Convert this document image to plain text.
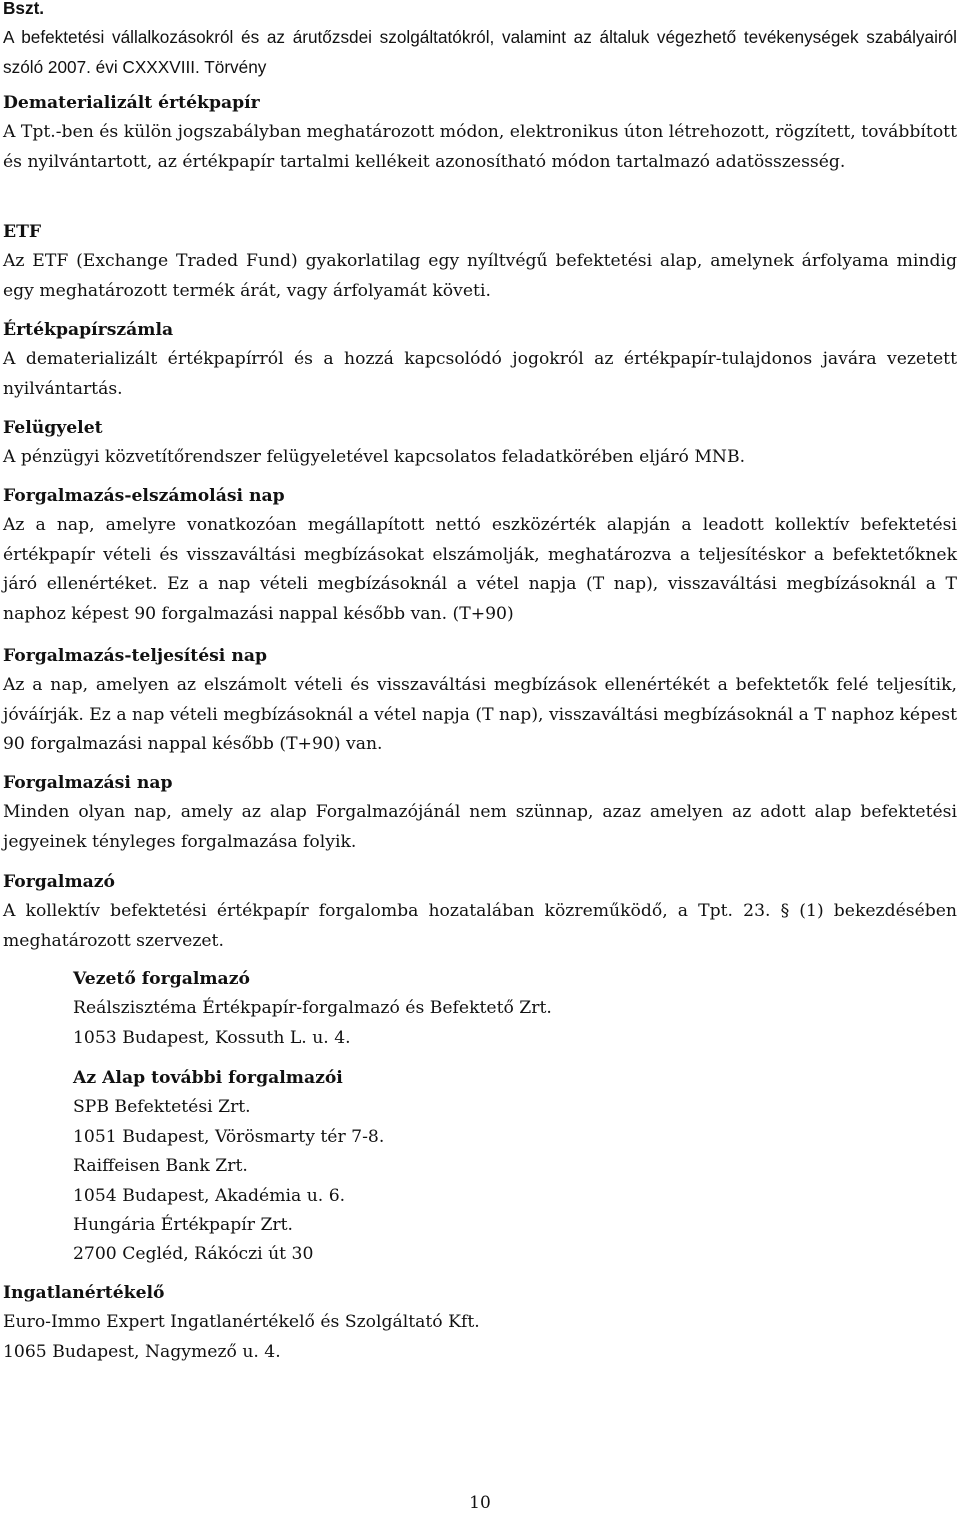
Bszt.

A befektetési vállalkozásokról és az árutőzsdei szolgáltatókról, valamint az általuk végezhető tevékenységek szabályairól szóló 2007. évi CXXXVIII. Törvény

Dematerializált értékpapír

A Tpt.-ben és külön jogszabályban meghatározott módon, elektronikus úton létrehozott, rögzített, továbbított és nyilvántartott, az értékpapír tartalmi kellékeit azonosítható módon tartalmazó adatösszesség.

ETF

Az ETF (Exchange Traded Fund) gyakorlatilag egy nyíltvégű befektetési alap, amelynek árfolyama mindig egy meghatározott termék árát, vagy árfolyamát követi.

Értékpapírszámla

A dematerializált értékpapírról és a hozzá kapcsolódó jogokról az értékpapír-tulajdonos javára vezetett nyilvántartás.

Felügyelet

A pénzügyi közvetítőrendszer felügyeletével kapcsolatos feladatkörében eljáró MNB.

Forgalmazás-elszámolási nap

Az a nap, amelyre vonatkozóan megállapított nettó eszközérték alapján a leadott kollektív befektetési értékpapír vételi és visszaváltási megbízásokat elszámolják, meghatározva a teljesítéskor a befektetőknek járó ellenértéket. Ez a nap vételi megbízásoknál a vétel napja (T nap), visszaváltási megbízásoknál a T naphoz képest 90 forgalmazási nappal később van. (T+90)

Forgalmazás-teljesítési nap

Az a nap, amelyen az elszámolt vételi és visszaváltási megbízások ellenértékét a befektetők felé teljesítik, jóváírják. Ez a nap vételi megbízásoknál a vétel napja (T nap), visszaváltási megbízásoknál a T naphoz képest 90 forgalmazási nappal később (T+90) van.

Forgalmazási nap

Minden olyan nap, amely az alap Forgalmazójánál nem szünnap, azaz amelyen az adott alap befektetési jegyeinek tényleges forgalmazása folyik.

Forgalmazó

A kollektív befektetési értékpapír forgalomba hozatalában közreműködő, a Tpt. 23. § (1) bekezdésében meghatározott szervezet.

Vezető forgalmazó
Reálszisztéma Értékpapír-forgalmazó és Befektető Zrt.
1053 Budapest, Kossuth L. u. 4.
Az Alap további forgalmazói
SPB Befektetési Zrt.
1051 Budapest, Vörösmarty tér 7-8.
Raiffeisen Bank Zrt.
1054 Budapest, Akadémia u. 6.
Hungária Értékpapír Zrt.
2700 Cegléd, Rákóczi út 30
Ingatlanértékelő
Euro-Immo Expert Ingatlanértékelő és Szolgáltató Kft.
1065 Budapest, Nagymező u. 4.
10
